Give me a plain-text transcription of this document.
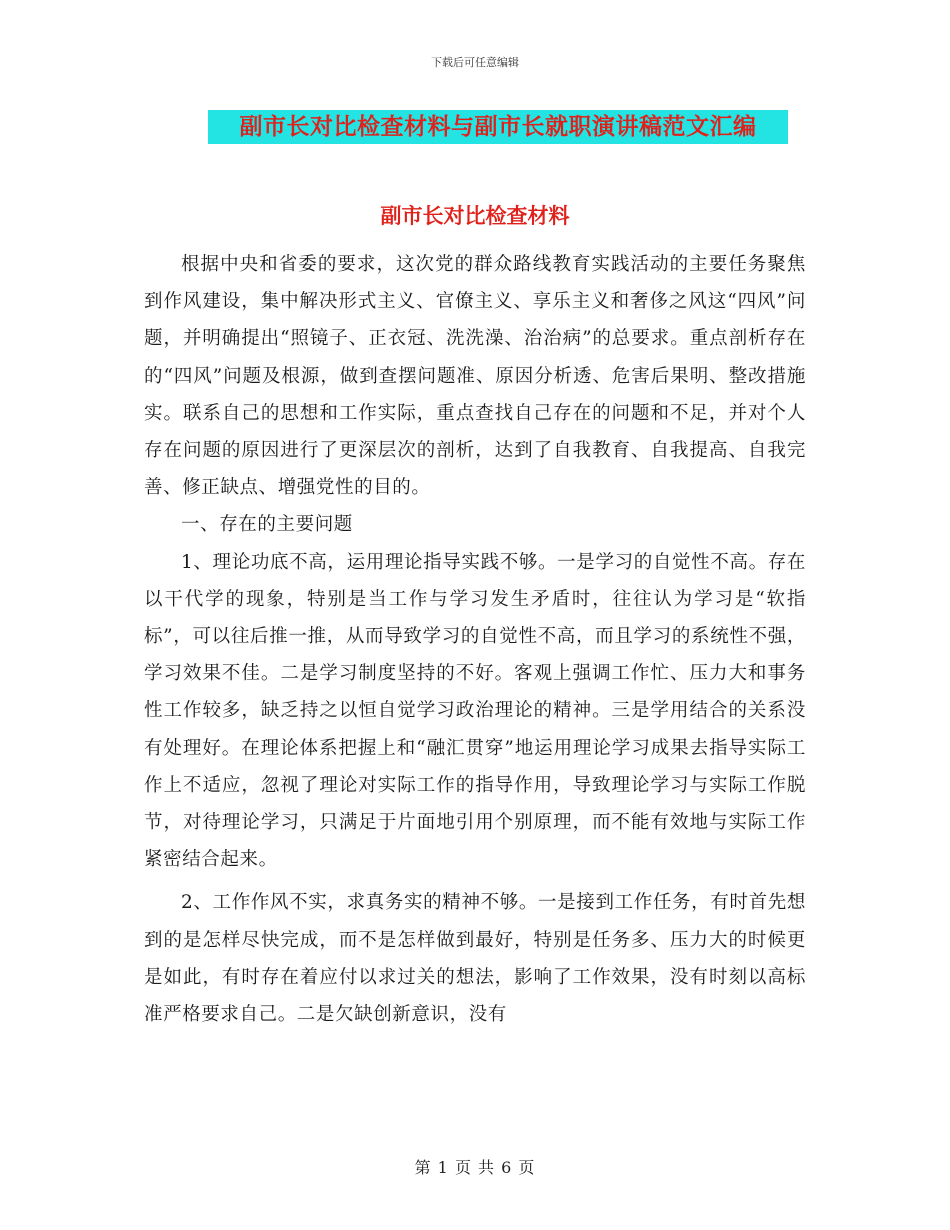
下载后可任意编辑
副市长对比检查材料与副市长就职演讲稿范文汇编
副市长对比检查材料

根据中央和省委的要求，这次党的群众路线教育实践活动的主要任务聚焦到作风建设，集中解决形式主义、官僚主义、享乐主义和奢侈之风这“四风”问题，并明确提出“照镜子、正衣冠、洗洗澡、治治病”的总要求。重点剖析存在的“四风”问题及根源，做到查摆问题准、原因分析透、危害后果明、整改措施实。联系自己的思想和工作实际，重点查找自己存在的问题和不足，并对个人存在问题的原因进行了更深层次的剖析，达到了自我教育、自我提高、自我完善、修正缺点、增强党性的目的。

一、存在的主要问题

1、理论功底不高，运用理论指导实践不够。一是学习的自觉性不高。存在以干代学的现象，特别是当工作与学习发生矛盾时，往往认为学习是“软指标”，可以往后推一推，从而导致学习的自觉性不高，而且学习的系统性不强，学习效果不佳。二是学习制度坚持的不好。客观上强调工作忙、压力大和事务性工作较多，缺乏持之以恒自觉学习政治理论的精神。三是学用结合的关系没有处理好。在理论体系把握上和“融汇贯穿”地运用理论学习成果去指导实际工作上不适应，忽视了理论对实际工作的指导作用，导致理论学习与实际工作脱节，对待理论学习，只满足于片面地引用个别原理，而不能有效地与实际工作紧密结合起来。

2、工作作风不实，求真务实的精神不够。一是接到工作任务，有时首先想到的是怎样尽快完成，而不是怎样做到最好，特别是任务多、压力大的时候更是如此，有时存在着应付以求过关的想法，影响了工作效果，没有时刻以高标准严格要求自己。二是欠缺创新意识，没有

第 1 页 共 6 页
